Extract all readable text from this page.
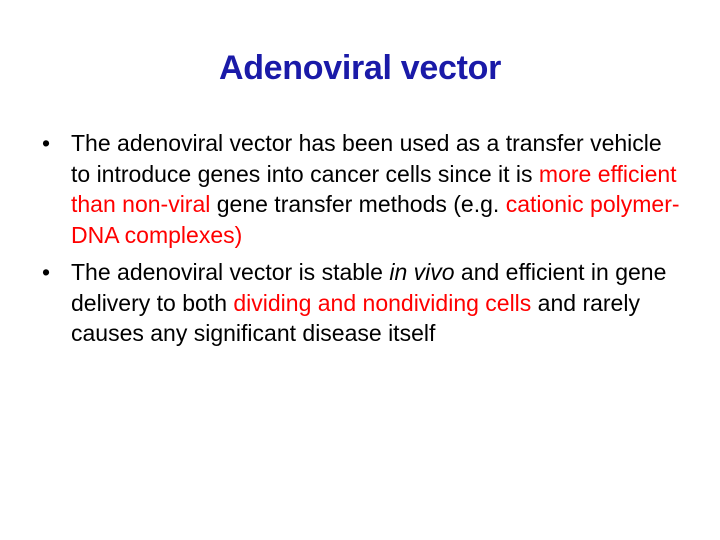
Adenoviral vector
• The adenoviral vector has been used as a transfer vehicle to introduce genes into cancer cells since it is more efficient than non-viral gene transfer methods (e.g. cationic polymer-DNA complexes)
• The adenoviral vector is stable in vivo and efficient in gene delivery to both dividing and nondividing cells and rarely causes any significant disease itself
